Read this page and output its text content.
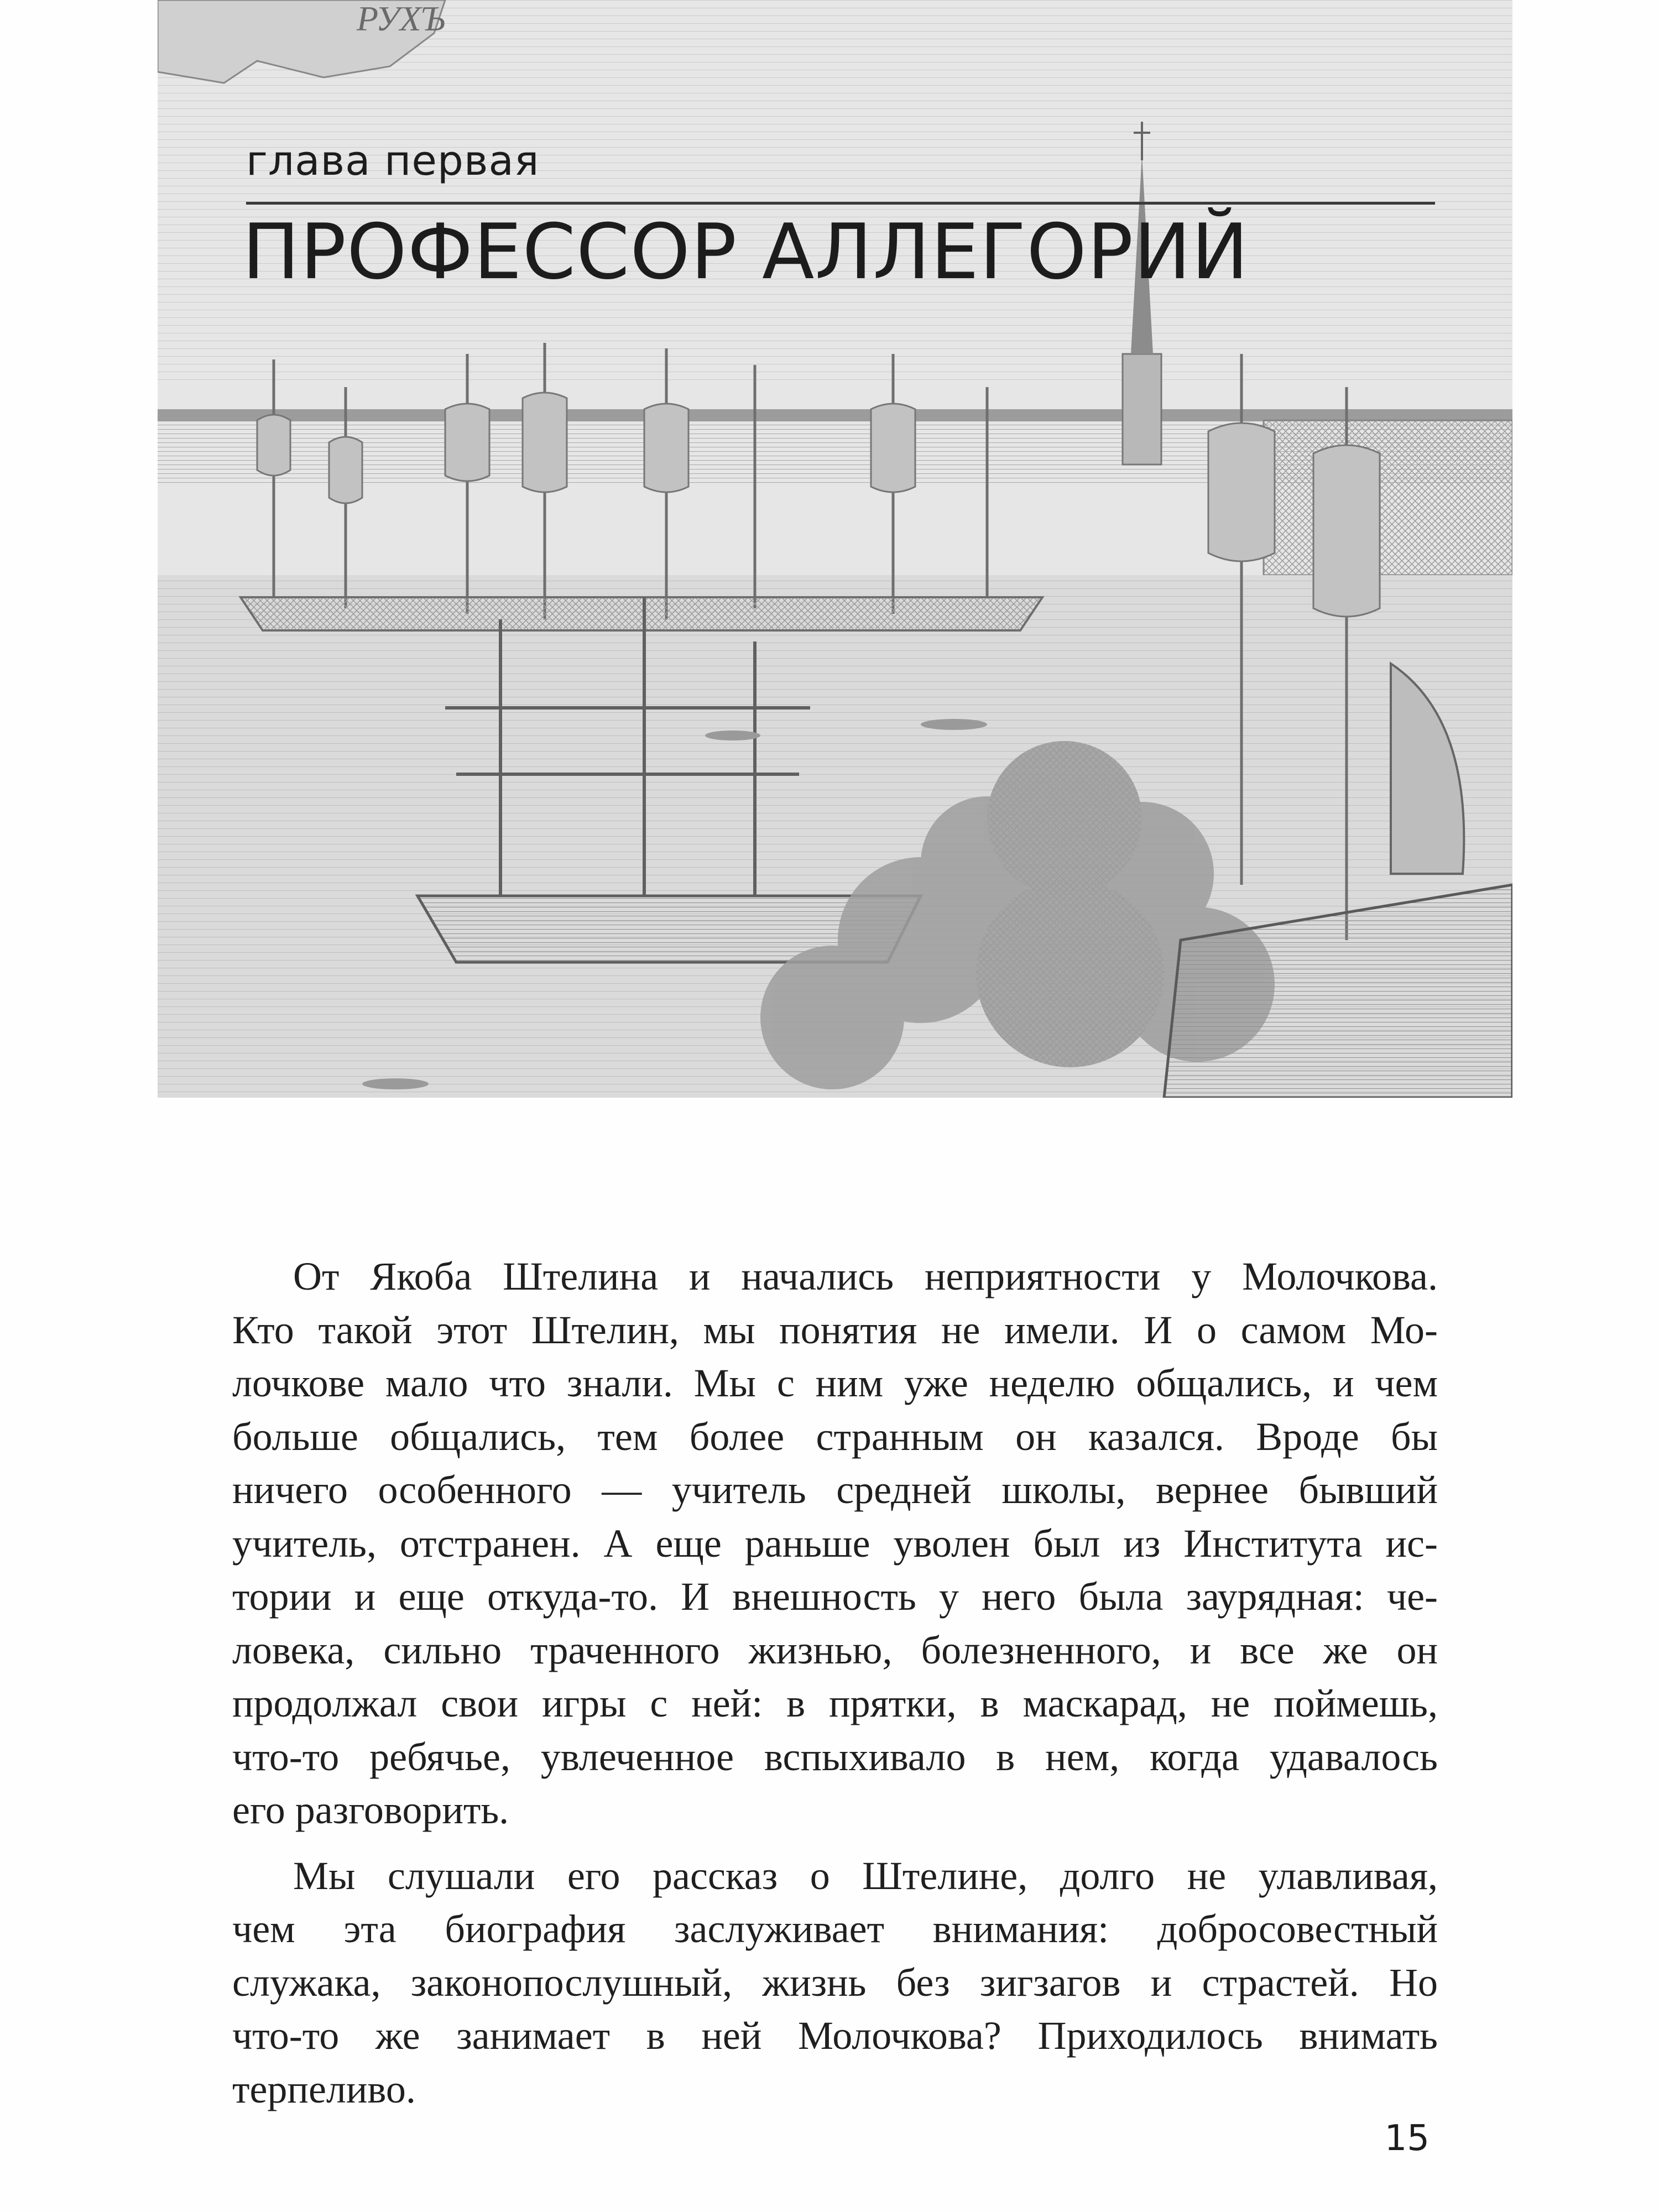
РУХЪ
глава первая
ПРОФЕССОР АЛЛЕГОРИЙ

От Якоба Штелина и начались неприятности у Молочкова.
Кто такой этот Штелин, мы понятия не имели. И о самом Мо-
лочкове мало что знали. Мы с ним уже неделю общались, и чем
больше общались, тем более странным он казался. Вроде бы
ничего особенного — учитель средней школы, вернее бывший
учитель, отстранен. А еще раньше уволен был из Института ис-
тории и еще откуда-то. И внешность у него была заурядная: че-
ловека, сильно траченного жизнью, болезненного, и все же он
продолжал свои игры с ней: в прятки, в маскарад, не поймешь,
что-то ребячье, увлеченное вспыхивало в нем, когда удавалось
его разговорить.

Мы слушали его рассказ о Штелине, долго не улавливая,
чем эта биография заслуживает внимания: добросовестный
служака, законопослушный, жизнь без зигзагов и страстей. Но
что-то же занимает в ней Молочкова? Приходилось внимать
терпеливо.

15
